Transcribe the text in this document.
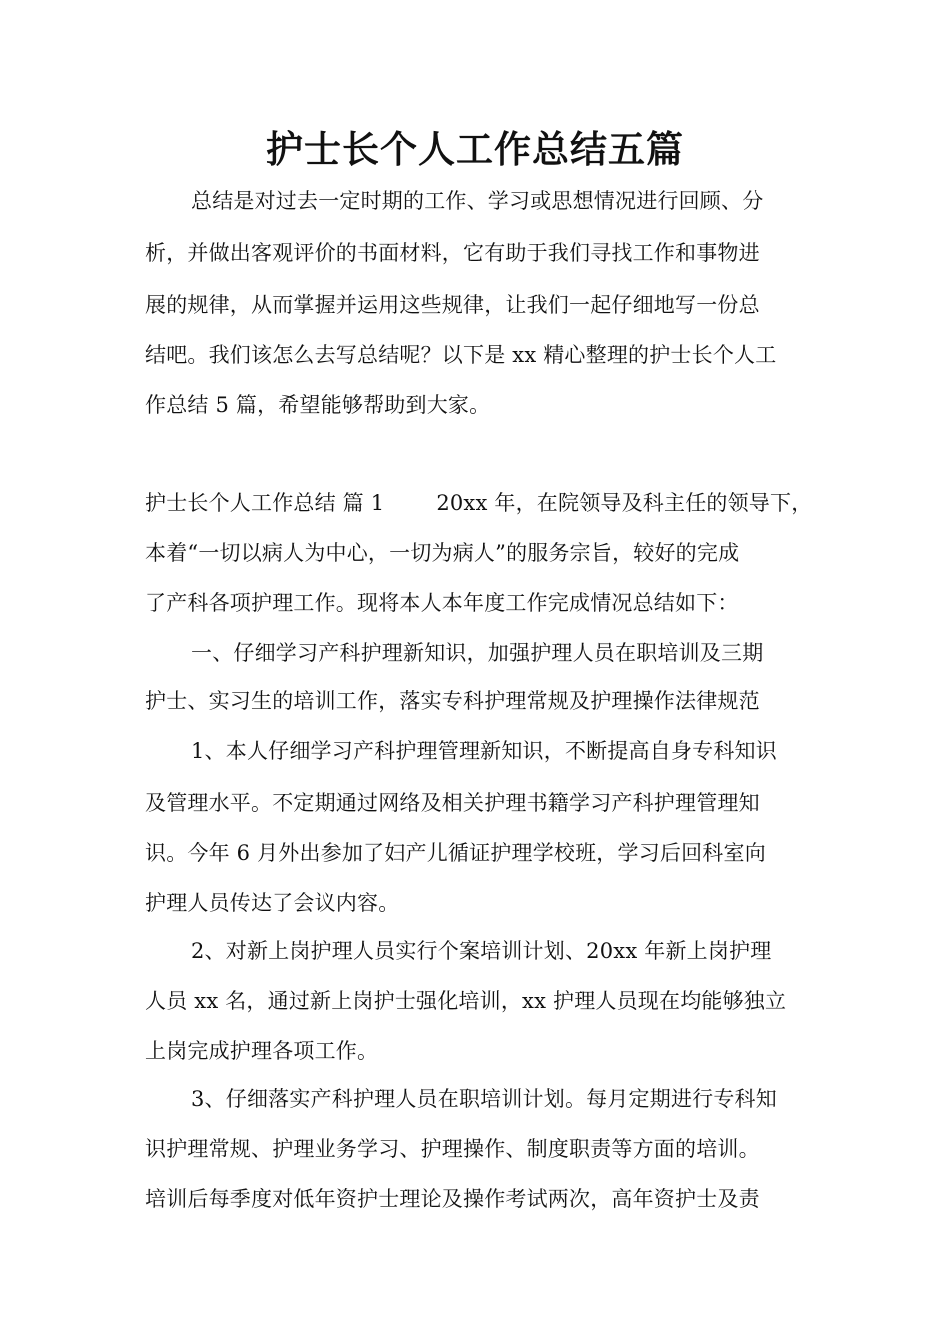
护士长个人工作总结五篇

总结是对过去一定时期的工作、学习或思想情况进行回顾、分

析，并做出客观评价的书面材料，它有助于我们寻找工作和事物进

展的规律，从而掌握并运用这些规律，让我们一起仔细地写一份总

结吧。我们该怎么去写总结呢？以下是 xx 精心整理的护士长个人工

作总结 5 篇，希望能够帮助到大家。

护士长个人工作总结 篇 1 20xx 年，在院领导及科主任的领导下，

本着“一切以病人为中心，一切为病人”的服务宗旨，较好的完成

了产科各项护理工作。现将本人本年度工作完成情况总结如下：

一、仔细学习产科护理新知识，加强护理人员在职培训及三期

护士、实习生的培训工作，落实专科护理常规及护理操作法律规范

1、本人仔细学习产科护理管理新知识，不断提高自身专科知识

及管理水平。不定期通过网络及相关护理书籍学习产科护理管理知

识。今年 6 月外出参加了妇产儿循证护理学校班，学习后回科室向

护理人员传达了会议内容。

2、对新上岗护理人员实行个案培训计划、20xx 年新上岗护理

人员 xx 名，通过新上岗护士强化培训，xx 护理人员现在均能够独立

上岗完成护理各项工作。

3、仔细落实产科护理人员在职培训计划。每月定期进行专科知

识护理常规、护理业务学习、护理操作、制度职责等方面的培训。

培训后每季度对低年资护士理论及操作考试两次，高年资护士及责
